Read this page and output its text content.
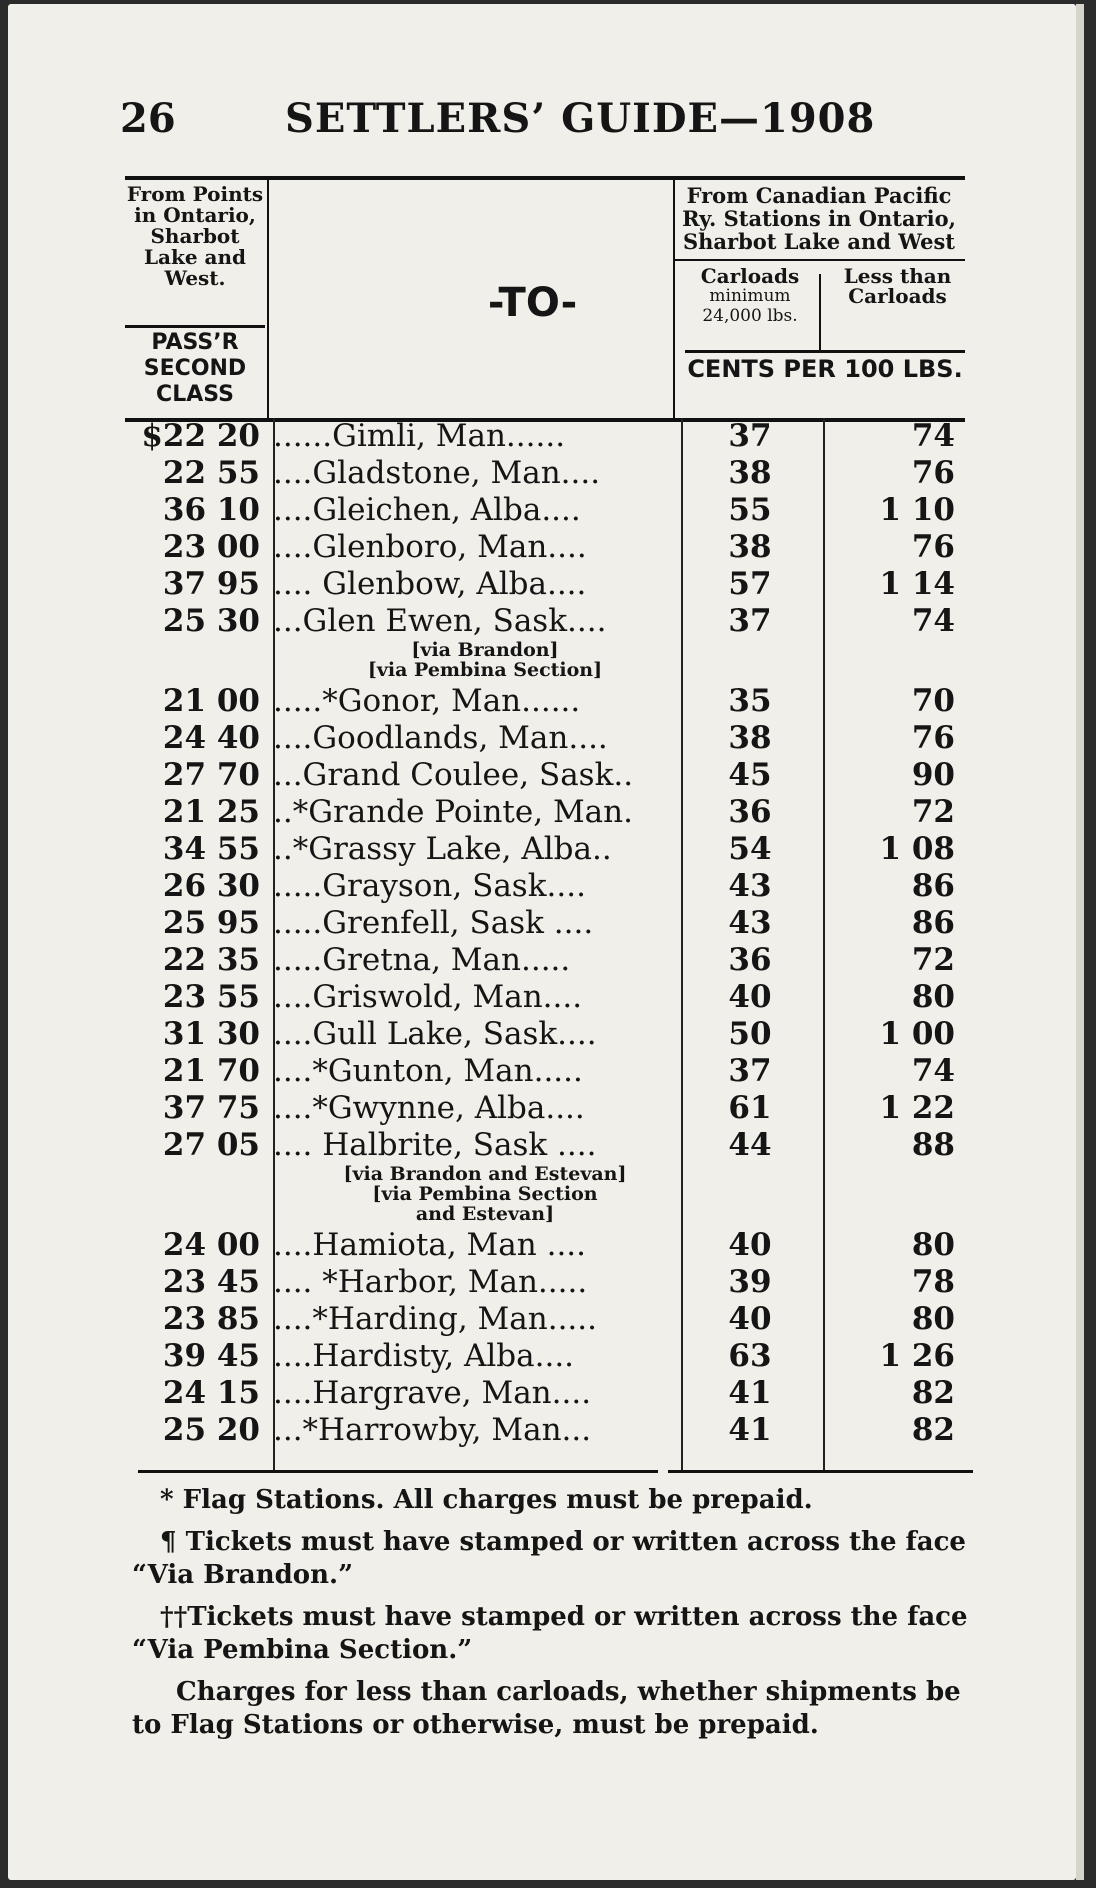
26	SETTLERS’ GUIDE—1908
From Points in Ontario, Sharbot Lake and West.
PASS’R SECOND CLASS
-TO-
From Canadian Pacific Ry. Stations in Ontario, Sharbot Lake and West
Carloads
minimum 24,000 lbs.
Less than Carloads
CENTS PER 100 LBS.
$22 20 ......Gimli, Man......	37	74
22 55 ....Gladstone, Man....	38	76
36 10 ....Gleichen, Alba....	55	1 10
23 00 ....Glenboro, Man....	38	76
37 95 .... Glenbow, Alba....	57	1 14
25 30 ...Glen Ewen, Sask....	37	74
[via Brandon]
[via Pembina Section]
21 00 .....*Gonor, Man......	35	70
24 40 ....Goodlands, Man....	38	76
27 70 ...Grand Coulee, Sask..	45	90
21 25 ..*Grande Pointe, Man.	36	72
34 55 ..*Grassy Lake, Alba..	54	1 08
26 30 .....Grayson, Sask....	43	86
25 95 .....Grenfell, Sask ....	43	86
22 35 .....Gretna, Man.....	36	72
23 55 ....Griswold, Man....	40	80
31 30 ....Gull Lake, Sask....	50	1 00
21 70 ....*Gunton, Man.....	37	74
37 75 ....*Gwynne, Alba....	61	1 22
27 05 .... Halbrite, Sask ....	44	88
[via Brandon and Estevan]
[via Pembina Section
and Estevan]
24 00 ....Hamiota, Man ....	40	80
23 45 .... *Harbor, Man.....	39	78
23 85 ....*Harding, Man.....	40	80
39 45 ....Hardisty, Alba....	63	1 26
24 15 ....Hargrave, Man....	41	82
25 20 ...*Harrowby, Man...	41	82

* Flag Stations. All charges must be prepaid.

¶ Tickets must have stamped or written across the face “Via Brandon.”

††Tickets must have stamped or written across the face “Via Pembina Section.”

Charges for less than carloads, whether shipments be to Flag Stations or otherwise, must be prepaid.
